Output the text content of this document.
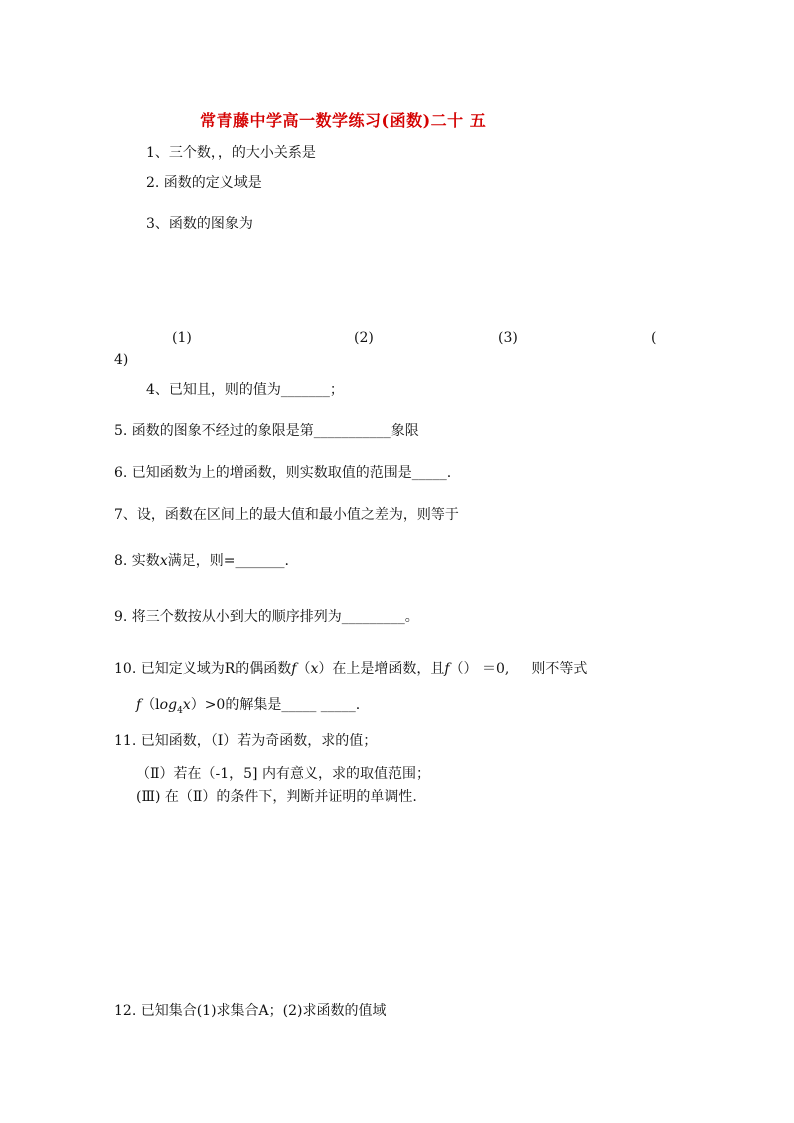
常青藤中学高一数学练习(函数)二十 五
1、三个数，，的大小关系是
2. 函数的定义域是
3、函数的图象为
(1)	(2)	(3)	(
4)
4、已知且，则的值为_______；
5. 函数的图象不经过的象限是第___________象限
6. 已知函数为上的增函数，则实数取值的范围是_____.
7、设，函数在区间上的最大值和最小值之差为，则等于
8. 实数x满足，则=_______.
9. 将三个数按从小到大的顺序排列为_________。
10. 已知定义域为R的偶函数f（x）在上是增函数，且f（） ＝0, 则不等式
$f(\log_4x)>0$的解集是_____ _____.
11. 已知函数，（Ⅰ）若为奇函数，求的值；
（Ⅱ）若在（-1，5] 内有意义，求的取值范围；
(Ⅲ) 在（Ⅱ）的条件下，判断并证明的单调性.
12. 已知集合(1)求集合A；(2)求函数的值域
